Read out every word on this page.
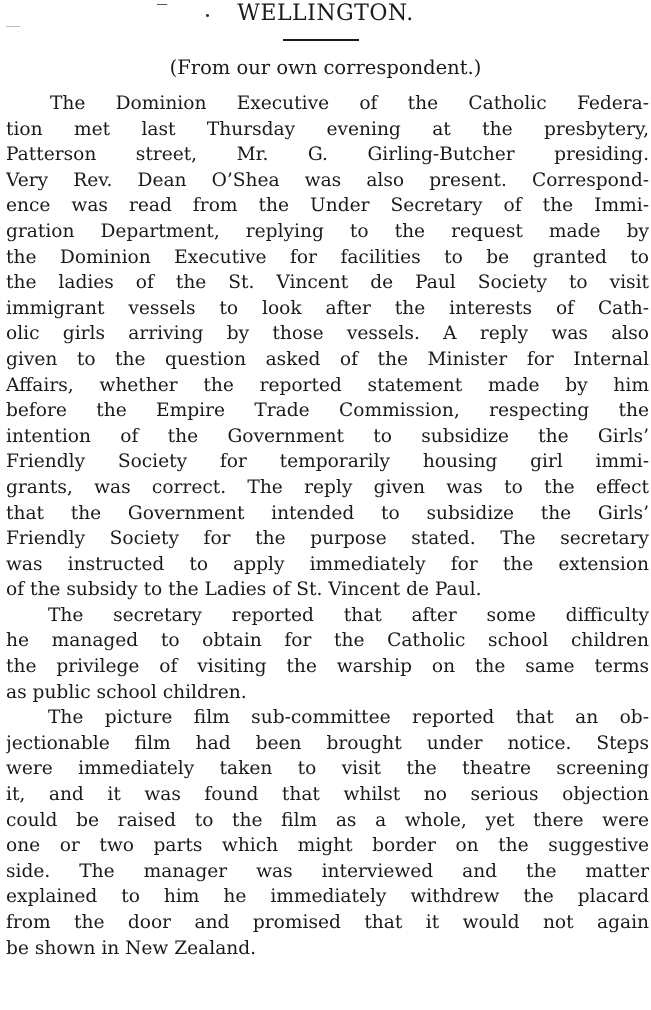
WELLINGTON.
(From our own correspondent.)
The Dominion Executive of the Catholic Federa-
tion met last Thursday evening at the presbytery,
Patterson street, Mr. G. Girling-Butcher presiding.
Very Rev. Dean O’Shea was also present. Correspond-
ence was read from the Under Secretary of the Immi-
gration Department, replying to the request made by
the Dominion Executive for facilities to be granted to
the ladies of the St. Vincent de Paul Society to visit
immigrant vessels to look after the interests of Cath-
olic girls arriving by those vessels. A reply was also
given to the question asked of the Minister for Internal
Affairs, whether the reported statement made by him
before the Empire Trade Commission, respecting the
intention of the Government to subsidize the Girls’
Friendly Society for temporarily housing girl immi-
grants, was correct. The reply given was to the effect
that the Government intended to subsidize the Girls’
Friendly Society for the purpose stated. The secretary
was instructed to apply immediately for the extension
of the subsidy to the Ladies of St. Vincent de Paul.
The secretary reported that after some difficulty
he managed to obtain for the Catholic school children
the privilege of visiting the warship on the same terms
as public school children.
The picture film sub-committee reported that an ob-
jectionable film had been brought under notice. Steps
were immediately taken to visit the theatre screening
it, and it was found that whilst no serious objection
could be raised to the film as a whole, yet there were
one or two parts which might border on the suggestive
side. The manager was interviewed and the matter
explained to him he immediately withdrew the placard
from the door and promised that it would not again
be shown in New Zealand.
